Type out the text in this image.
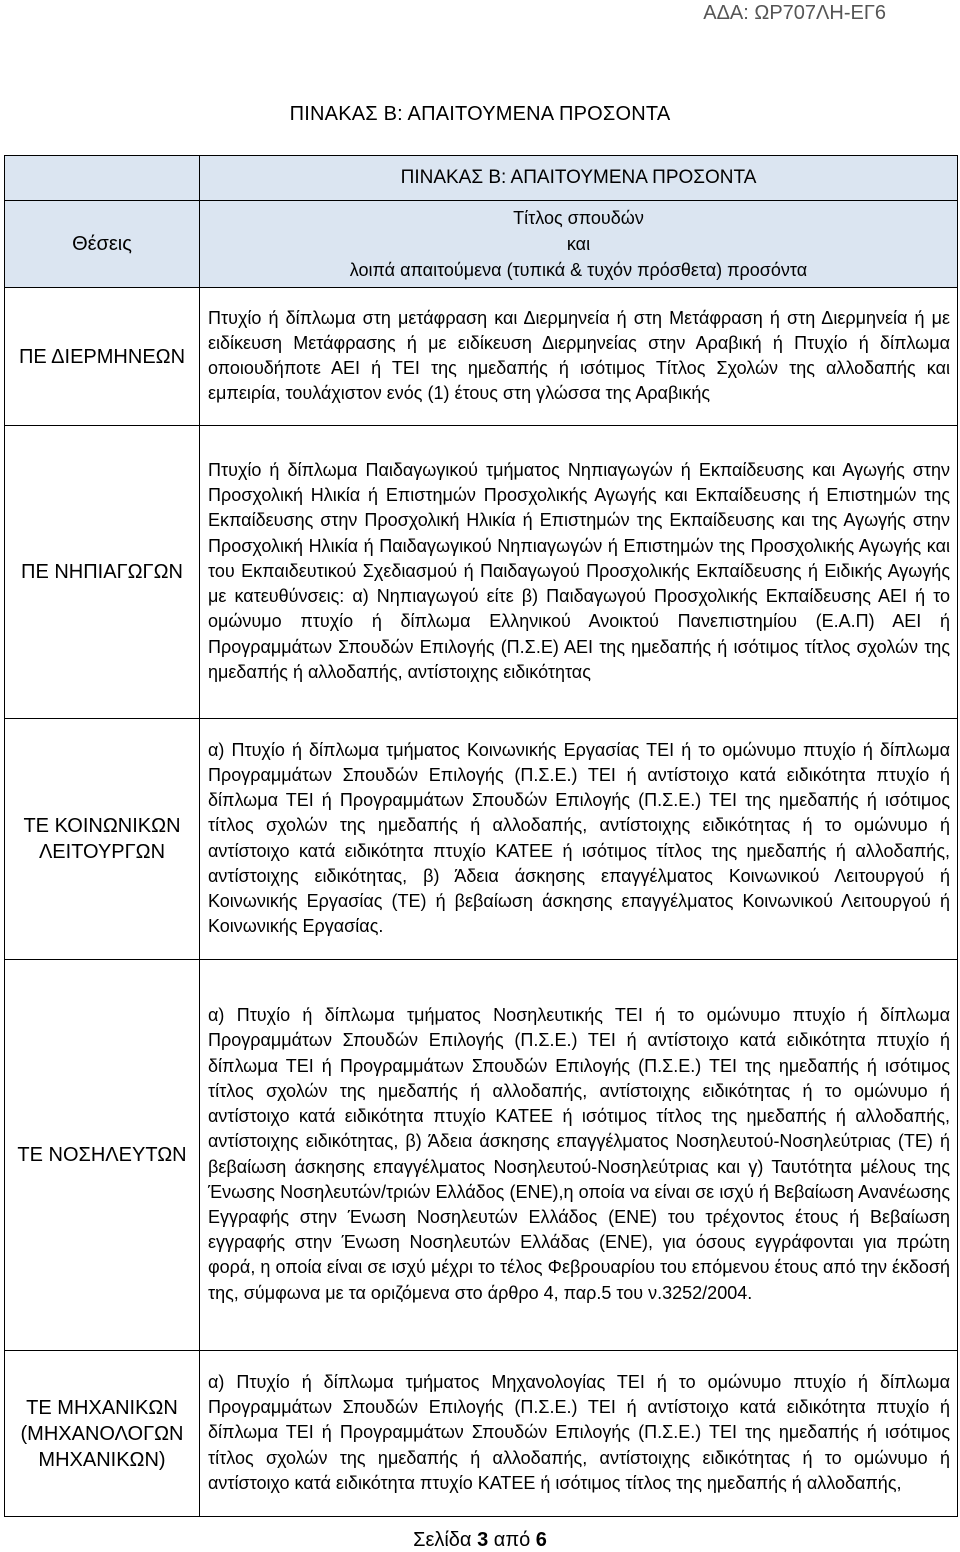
ΑΔΑ: ΩΡ707ΛΗ-ΕΓ6
ΠΙΝΑΚΑΣ Β: ΑΠΑΙΤΟΥΜΕΝΑ ΠΡΟΣΟΝΤΑ
	ΠΙΝΑΚΑΣ Β: ΑΠΑΙΤΟΥΜΕΝΑ ΠΡΟΣΟΝΤΑ
Θέσεις	Τίτλος σπουδών
και
λοιπά απαιτούμενα (τυπικά & τυχόν πρόσθετα) προσόντα

ΠΕ ΔΙΕΡΜΗΝΕΩΝ	Πτυχίο ή δίπλωμα στη μετάφραση και Διερμηνεία ή στη Μετάφραση ή στη Διερμηνεία ή με ειδίκευση Μετάφρασης ή με ειδίκευση Διερμηνείας στην Αραβική ή Πτυχίο ή δίπλωμα οποιουδήποτε ΑΕΙ ή ΤΕΙ της ημεδαπής ή ισότιμος Τίτλος Σχολών της αλλοδαπής και εμπειρία, τουλάχιστον ενός (1) έτους στη γλώσσα της Αραβικής

ΠΕ ΝΗΠΙΑΓΩΓΩΝ	Πτυχίο ή δίπλωμα Παιδαγωγικού τμήματος Νηπιαγωγών ή Εκπαίδευσης και Αγωγής στην Προσχολική Ηλικία ή Επιστημών Προσχολικής Αγωγής και Εκπαίδευσης ή Επιστημών της Εκπαίδευσης στην Προσχολική Ηλικία ή Επιστημών της Εκπαίδευσης και της Αγωγής στην Προσχολική Ηλικία ή Παιδαγωγικού Νηπιαγωγών ή Επιστημών της Προσχολικής Αγωγής και του Εκπαιδευτικού Σχεδιασμού ή Παιδαγωγού Προσχολικής Εκπαίδευσης ή Ειδικής Αγωγής με κατευθύνσεις: α) Νηπιαγωγού είτε β) Παιδαγωγού Προσχολικής Εκπαίδευσης ΑΕΙ ή το ομώνυμο πτυχίο ή δίπλωμα Ελληνικού Ανοικτού Πανεπιστημίου (Ε.Α.Π) ΑΕΙ ή Προγραμμάτων Σπουδών Επιλογής (Π.Σ.Ε) ΑΕΙ της ημεδαπής ή ισότιμος τίτλος σχολών της ημεδαπής ή αλλοδαπής, αντίστοιχης ειδικότητας

ΤΕ ΚΟΙΝΩΝΙΚΩΝ ΛΕΙΤΟΥΡΓΩΝ	α) Πτυχίο ή δίπλωμα τμήματος Κοινωνικής Εργασίας ΤΕΙ ή το ομώνυμο πτυχίο ή δίπλωμα Προγραμμάτων Σπουδών Επιλογής (Π.Σ.Ε.) ΤΕΙ ή αντίστοιχο κατά ειδικότητα πτυχίο ή δίπλωμα ΤΕΙ ή Προγραμμάτων Σπουδών Επιλογής (Π.Σ.Ε.) ΤΕΙ της ημεδαπής ή ισότιμος τίτλος σχολών της ημεδαπής ή αλλοδαπής, αντίστοιχης ειδικότητας ή το ομώνυμο ή αντίστοιχο κατά ειδικότητα πτυχίο ΚΑΤΕΕ ή ισότιμος τίτλος της ημεδαπής ή αλλοδαπής, αντίστοιχης ειδικότητας, β) Άδεια άσκησης επαγγέλματος Κοινωνικού Λειτουργού ή Κοινωνικής Εργασίας (ΤΕ) ή βεβαίωση άσκησης επαγγέλματος Κοινωνικού Λειτουργού ή Κοινωνικής Εργασίας.

ΤΕ ΝΟΣΗΛΕΥΤΩΝ	α) Πτυχίο ή δίπλωμα τμήματος Νοσηλευτικής ΤΕΙ ή το ομώνυμο πτυχίο ή δίπλωμα Προγραμμάτων Σπουδών Επιλογής (Π.Σ.Ε.) ΤΕΙ ή αντίστοιχο κατά ειδικότητα πτυχίο ή δίπλωμα ΤΕΙ ή Προγραμμάτων Σπουδών Επιλογής (Π.Σ.Ε.) ΤΕΙ της ημεδαπής ή ισότιμος τίτλος σχολών της ημεδαπής ή αλλοδαπής, αντίστοιχης ειδικότητας ή το ομώνυμο ή αντίστοιχο κατά ειδικότητα πτυχίο ΚΑΤΕΕ ή ισότιμος τίτλος της ημεδαπής ή αλλοδαπής, αντίστοιχης ειδικότητας, β) Άδεια άσκησης επαγγέλματος Νοσηλευτού-Νοσηλεύτριας (ΤΕ) ή βεβαίωση άσκησης επαγγέλματος Νοσηλευτού-Νοσηλεύτριας και γ) Ταυτότητα μέλους της Ένωσης Νοσηλευτών/τριών Ελλάδος (ΕΝΕ),η οποία να είναι σε ισχύ ή Βεβαίωση Ανανέωσης Εγγραφής στην Ένωση Νοσηλευτών Ελλάδος (ΕΝΕ) του τρέχοντος έτους ή Βεβαίωση εγγραφής στην Ένωση Νοσηλευτών Ελλάδας (ΕΝΕ), για όσους εγγράφονται για πρώτη φορά, η οποία είναι σε ισχύ μέχρι το τέλος Φεβρουαρίου του επόμενου έτους από την έκδοσή της, σύμφωνα με τα οριζόμενα στο άρθρο 4, παρ.5 του ν.3252/2004.

ΤΕ ΜΗΧΑΝΙΚΩΝ (ΜΗΧΑΝΟΛΟΓΩΝ ΜΗΧΑΝΙΚΩΝ)	α) Πτυχίο ή δίπλωμα τμήματος Μηχανολογίας ΤΕΙ ή το ομώνυμο πτυχίο ή δίπλωμα Προγραμμάτων Σπουδών Επιλογής (Π.Σ.Ε.) ΤΕΙ ή αντίστοιχο κατά ειδικότητα πτυχίο ή δίπλωμα ΤΕΙ ή Προγραμμάτων Σπουδών Επιλογής (Π.Σ.Ε.) ΤΕΙ της ημεδαπής ή ισότιμος τίτλος σχολών της ημεδαπής ή αλλοδαπής, αντίστοιχης ειδικότητας ή το ομώνυμο ή αντίστοιχο κατά ειδικότητα πτυχίο ΚΑΤΕΕ ή ισότιμος τίτλος της ημεδαπής ή αλλοδαπής,

Σελίδα 3 από 6
